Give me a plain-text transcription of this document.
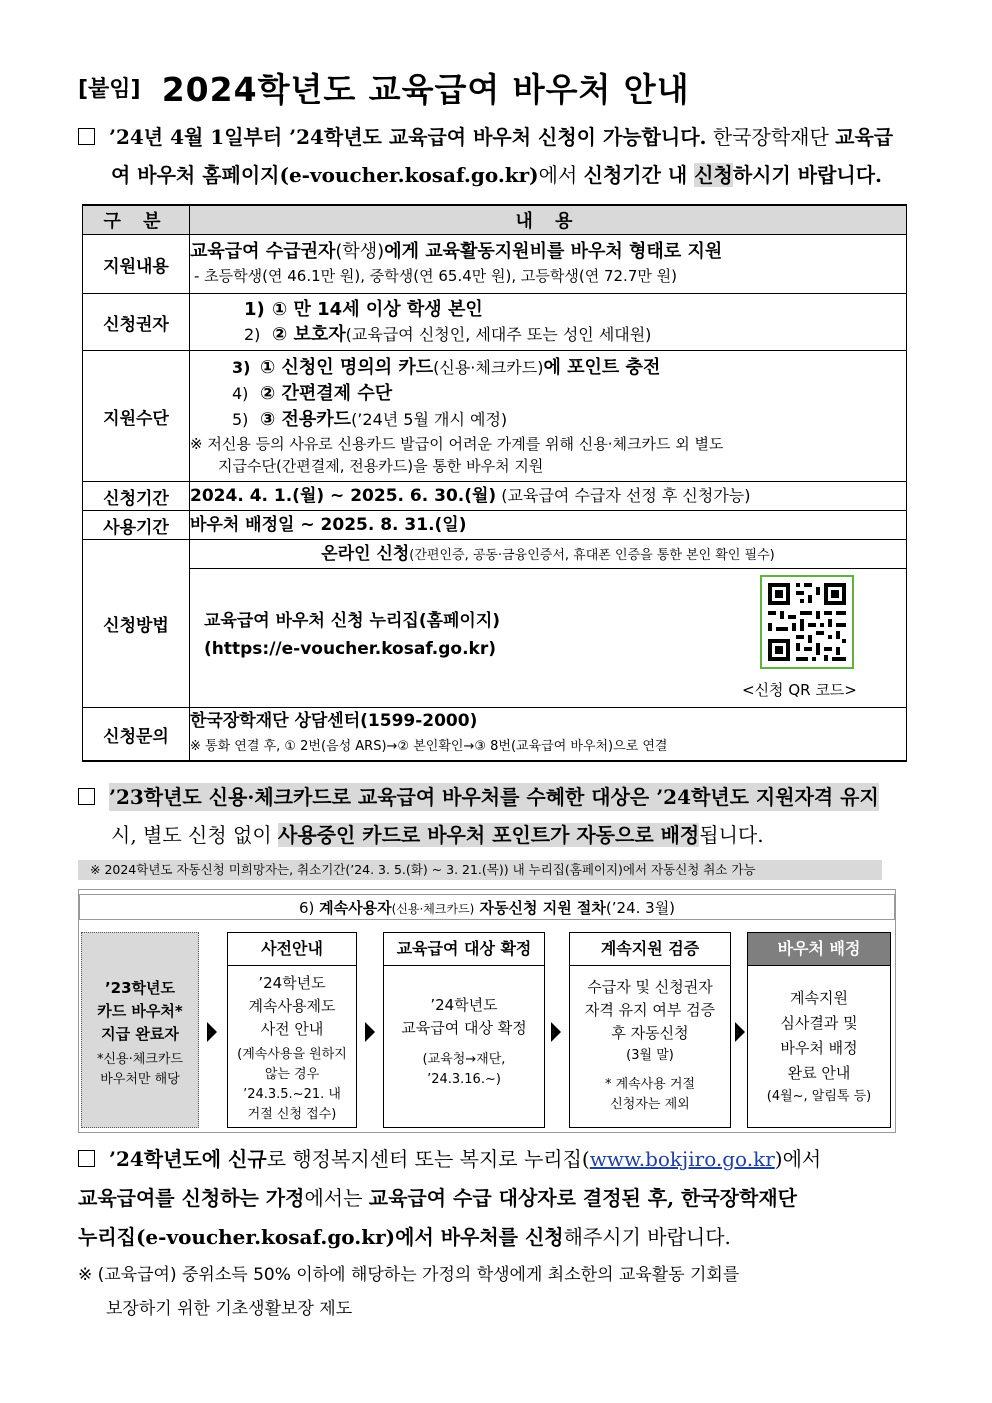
[붙임] 2024학년도 교육급여 바우처 안내
’24년 4월 1일부터 ’24학년도 교육급여 바우처 신청이 가능합니다. 한국장학재단 교육급
여 바우처 홈페이지(e-voucher.kosaf.go.kr)에서 신청기간 내 신청하시기 바랍니다.
구 분	내 용
지원내용	교육급여 수급권자(학생)에게 교육활동지원비를 바우처 형태로 지원
- 초등학생(연 46.1만 원), 중학생(연 65.4만 원), 고등학생(연 72.7만 원)

신청권자	1) ① 만 14세 이상 학생 본인
2) ② 보호자(교육급여 신청인, 세대주 또는 성인 세대원)

지원수단	3) ① 신청인 명의의 카드(신용·체크카드)에 포인트 충전
4) ② 간편결제 수단
5) ③ 전용카드(’24년 5월 개시 예정)
※ 저신용 등의 사유로 신용카드 발급이 어려운 가계를 위해 신용·체크카드 외 별도
지급수단(간편결제, 전용카드)을 통한 바우처 지원

신청기간	2024. 4. 1.(월) ~ 2025. 6. 30.(월) (교육급여 수급자 선정 후 신청가능)
사용기간	바우처 배정일 ~ 2025. 8. 31.(일)
신청방법	온라인 신청(간편인증, 공동·금융인증서, 휴대폰 인증을 통한 본인 확인 필수)
교육급여 바우처 신청 누리집(홈페이지)
(https://e-voucher.kosaf.go.kr)
<신청 QR 코드>

신청문의	한국장학재단 상담센터(1599-2000)
※ 통화 연결 후, ① 2번(음성 ARS)→② 본인확인→③ 8번(교육급여 바우처)으로 연결
’23학년도 신용·체크카드로 교육급여 바우처를 수혜한 대상은 ’24학년도 지원자격 유지
시, 별도 신청 없이 사용중인 카드로 바우처 포인트가 자동으로 배정됩니다.
※ 2024학년도 자동신청 미희망자는, 취소기간(’24. 3. 5.(화) ~ 3. 21.(목)) 내 누리집(홈페이지)에서 자동신청 취소 가능
6) 계속사용자(신용·체크카드) 자동신청 지원 절차(’24. 3월)
’23학년도
카드 바우처*
지급 완료자
*신용·체크카드
바우처만 해당
사전안내
’24학년도
계속사용제도
사전 안내
(계속사용을 원하지
않는 경우
’24.3.5.~21. 내
거절 신청 접수)
교육급여 대상 확정
’24학년도
교육급여 대상 확정
(교육청→재단,
’24.3.16.~)
계속지원 검증
수급자 및 신청권자
자격 유지 여부 검증
후 자동신청
(3월 말)
* 계속사용 거절
신청자는 제외
바우처 배정
계속지원
심사결과 및
바우처 배정
완료 안내
(4월~, 알림톡 등)
’24학년도에 신규로 행정복지센터 또는 복지로 누리집(www.bokjiro.go.kr)에서
교육급여를 신청하는 가정에서는 교육급여 수급 대상자로 결정된 후, 한국장학재단
누리집(e-voucher.kosaf.go.kr)에서 바우처를 신청해주시기 바랍니다.
※ (교육급여) 중위소득 50% 이하에 해당하는 가정의 학생에게 최소한의 교육활동 기회를
보장하기 위한 기초생활보장 제도
